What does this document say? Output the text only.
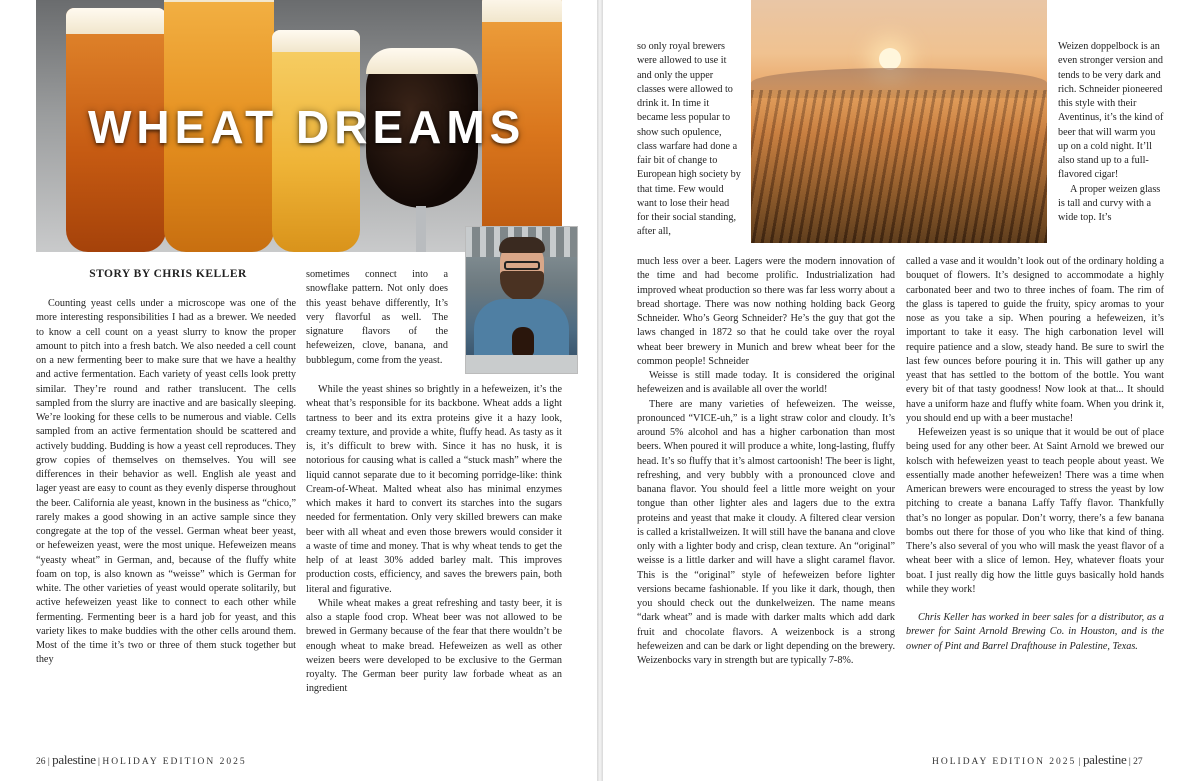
WHEAT DREAMS
STORY BY CHRIS KELLER

Counting yeast cells under a microscope was one of the more interesting responsibilities I had as a brewer. We needed to know a cell count on a yeast slurry to know the proper amount to pitch into a fresh batch. We also needed a cell count on a new fermenting beer to make sure that we have a healthy and active fermentation. Each variety of yeast cells look pretty similar. They’re round and rather translucent. The cells sampled from the slurry are inactive and are basically sleeping. We’re looking for these cells to be numerous and viable. Cells sampled from an active fermentation should be scattered and actively budding. Budding is how a yeast cell reproduces. They grow copies of themselves on themselves. You will see differences in their behavior as well. English ale yeast and lager yeast are easy to count as they evenly disperse throughout the beer. California ale yeast, known in the business as “chico,” rarely makes a good showing in an active sample since they congregate at the top of the vessel. German wheat beer yeast, or hefeweizen yeast, were the most unique. Hefeweizen means “yeasty wheat” in German, and, because of the fluffy white foam on top, is also known as “weisse” which is German for white. The other varieties of yeast would operate solitarily, but active hefeweizen yeast like to connect to each other while fermenting. Fermenting beer is a hard job for yeast, and this variety likes to make buddies with the other cells around them. Most of the time it’s two or three of them stuck together but they

sometimes connect into a snowflake pattern. Not only does this yeast behave differently, It’s very flavorful as well. The signature flavors of the hefeweizen, clove, banana, and bubblegum, come from the yeast.

While the yeast shines so brightly in a hefeweizen, it’s the wheat that’s responsible for its backbone. Wheat adds a light tartness to beer and its extra proteins give it a hazy look, creamy texture, and provide a white, fluffy head. As tasty as it is, it’s difficult to brew with. Since it has no husk, it is notorious for causing what is called a “stuck mash” where the liquid cannot separate due to it becoming porridge-like: think Cream-of-Wheat. Malted wheat also has minimal enzymes which makes it hard to convert its starches into the sugars needed for fermentation. Only very skilled brewers can make beer with all wheat and even those brewers would consider it a waste of time and money. That is why wheat tends to get the help of at least 30% added barley malt. This improves production costs, efficiency, and saves the brewers pain, both literal and figurative.

While wheat makes a great refreshing and tasty beer, it is also a staple food crop. Wheat beer was not allowed to be brewed in Germany because of the fear that there wouldn’t be enough wheat to make bread. Hefeweizen as well as other weizen beers were developed to be exclusive to the German royalty. The German beer purity law forbade wheat as an ingredient

26 | palestine | HOLIDAY EDITION 2025

so only royal brewers were allowed to use it and only the upper classes were allowed to drink it. In time it became less popular to show such opulence, class warfare had done a fair bit of change to European high society by that time. Few would want to lose their head for their social standing, after all,

much less over a beer. Lagers were the modern innovation of the time and had become prolific. Industrialization had improved wheat production so there was far less worry about a bread shortage. There was now nothing holding back Georg Schneider. Who’s Georg Schneider? He’s the guy that got the laws changed in 1872 so that he could take over the royal wheat beer brewery in Munich and brew wheat beer for the common people! Schneider

Weisse is still made today. It is considered the original hefeweizen and is available all over the world!

There are many varieties of hefeweizen. The weisse, pronounced “VICE-uh,” is a light straw color and cloudy. It’s around 5% alcohol and has a higher carbonation than most beers. When poured it will produce a white, long-lasting, fluffy head. It’s so fluffy that it’s almost cartoonish! The beer is light, refreshing, and very bubbly with a pronounced clove and banana flavor. You should feel a little more weight on your tongue than other lighter ales and lagers due to the extra proteins and yeast that make it cloudy. A filtered clear version is called a kristallweizen. It will still have the banana and clove only with a lighter body and crisp, clean texture. An “original” weisse is a little darker and will have a slight caramel flavor. This is the “original” style of hefeweizen before lighter versions became fashionable. If you like it dark, though, then you should check out the dunkelweizen. The name means “dark wheat” and is made with darker malts which add dark fruit and chocolate flavors. A weizenbock is a strong hefeweizen and can be dark or light depending on the brewery. Weizenbocks vary in strength but are typically 7-8%.

Weizen doppelbock is an even stronger version and tends to be very dark and rich. Schneider pioneered this style with their Aventinus, it’s the kind of beer that will warm you up on a cold night. It’ll also stand up to a full-flavored cigar!

A proper weizen glass is tall and curvy with a wide top. It’s

called a vase and it wouldn’t look out of the ordinary holding a bouquet of flowers. It’s designed to accommodate a highly carbonated beer and two to three inches of foam. The rim of the glass is tapered to guide the fruity, spicy aromas to your nose as you take a sip. When pouring a hefeweizen, it’s important to take it easy. The high carbonation level will require patience and a slow, steady hand. Be sure to swirl the last few ounces before pouring it in. This will gather up any yeast that has settled to the bottom of the bottle. You want every bit of that tasty goodness! Now look at that... It should have a uniform haze and fluffy white foam. When you drink it, you should end up with a beer mustache!

Hefeweizen yeast is so unique that it would be out of place being used for any other beer. At Saint Arnold we brewed our kolsch with hefeweizen yeast to teach people about yeast. We essentially made another hefeweizen! There was a time when American brewers were encouraged to stress the yeast by low pitching to create a banana Laffy Taffy flavor. Thankfully that’s no longer as popular. Don’t worry, there’s a few banana bombs out there for those of you who like that kind of thing. There’s also several of you who will mask the yeast flavor of a wheat beer with a slice of lemon. Hey, whatever floats your boat. I just really dig how the little guys basically hold hands while they work!

Chris Keller has worked in beer sales for a distributor, as a brewer for Saint Arnold Brewing Co. in Houston, and is the owner of Pint and Barrel Drafthouse in Palestine, Texas.

HOLIDAY EDITION 2025 | palestine | 27
